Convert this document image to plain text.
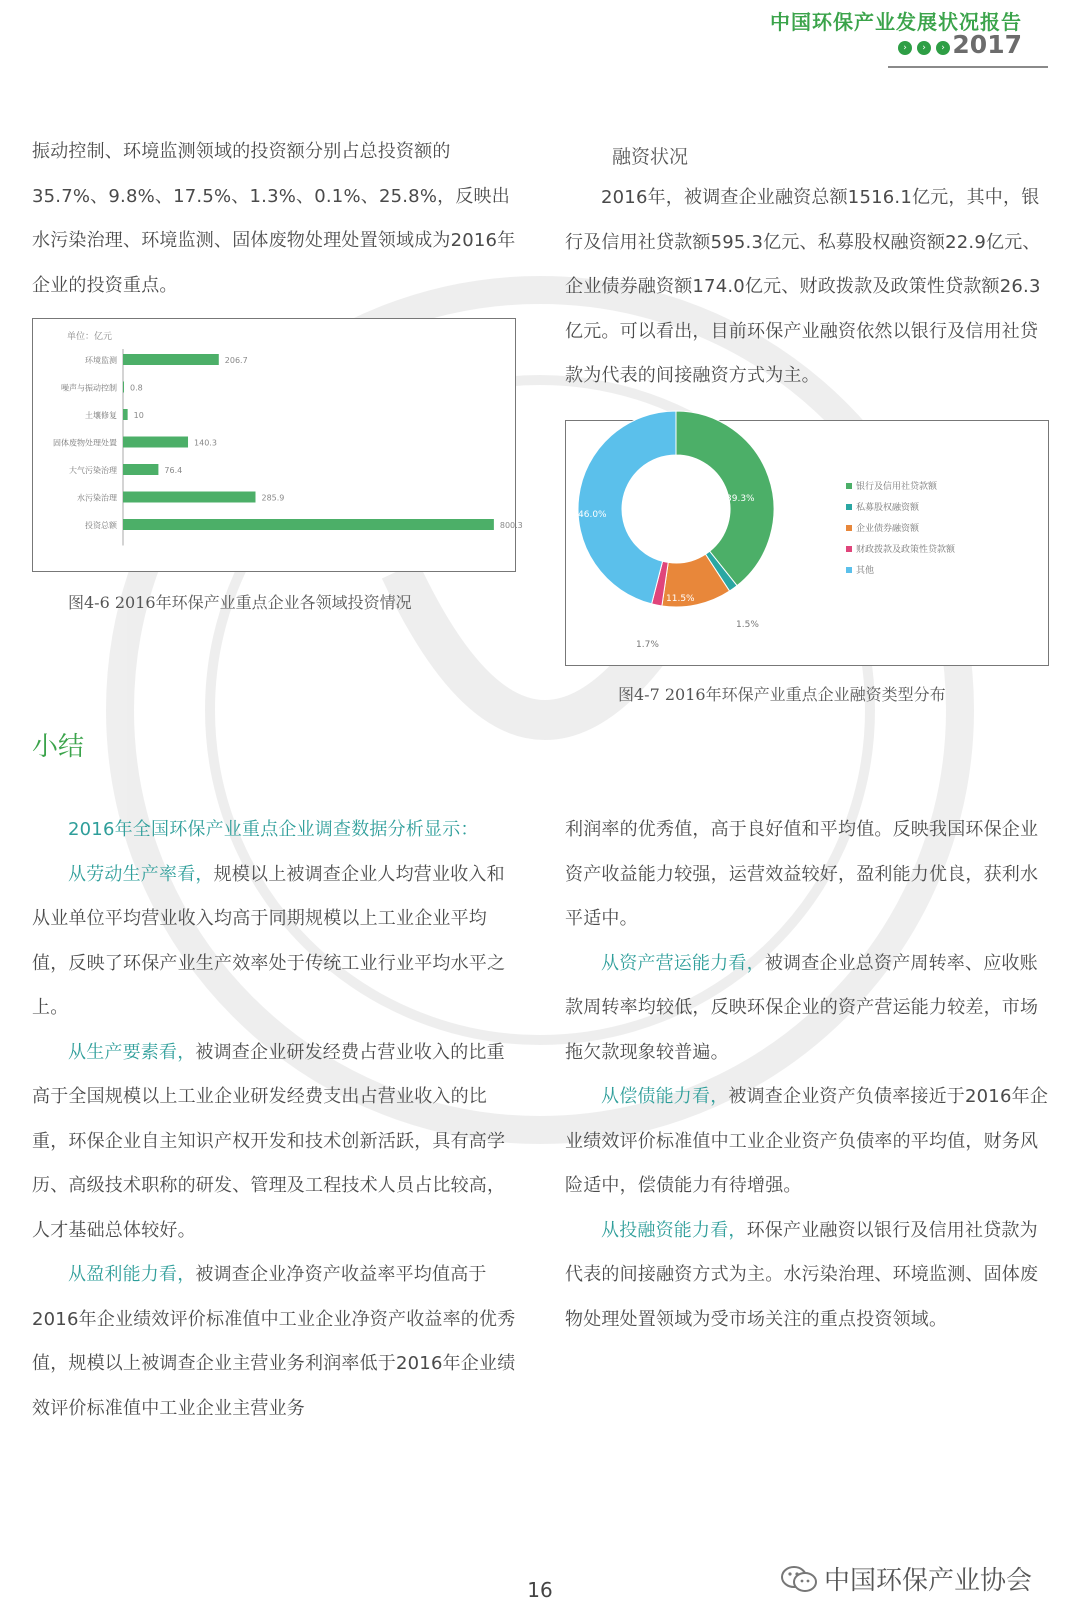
中国环保产业发展状况报告
›	›	› 2017

振动控制、环境监测领域的投资额分别占总投资额的35.7%、9.8%、17.5%、1.3%、0.1%、25.8%，反映出水污染治理、环境监测、固体废物处理处置领域成为2016年企业的投资重点。

单位：亿元
环境监测	206.7
噪声与振动控制 0.8
土壤修复 10
固体废物处理处置	140.3
大气污染治理	76.4
水污染治理	285.9
投资总额	800.3
图4-6 2016年环保产业重点企业各领域投资情况
融资状况

2016年，被调查企业融资总额1516.1亿元，其中，银行及信用社贷款额595.3亿元、私募股权融资额22.9亿元、企业债券融资额174.0亿元、财政拨款及政策性贷款额26.3亿元。可以看出，目前环保产业融资依然以银行及信用社贷款为代表的间接融资方式为主。

39.3%
1.5%
11.5%
1.7%
46.0%
银行及信用社贷款额
私募股权融资额
企业债券融资额
财政拨款及政策性贷款额
其他
图4-7 2016年环保产业重点企业融资类型分布
小结

2016年全国环保产业重点企业调查数据分析显示：

从劳动生产率看，规模以上被调查企业人均营业收入和从业单位平均营业收入均高于同期规模以上工业企业平均值，反映了环保产业生产效率处于传统工业行业平均水平之上。

从生产要素看，被调查企业研发经费占营业收入的比重高于全国规模以上工业企业研发经费支出占营业收入的比重，环保企业自主知识产权开发和技术创新活跃，具有高学历、高级技术职称的研发、管理及工程技术人员占比较高，人才基础总体较好。

从盈利能力看，被调查企业净资产收益率平均值高于2016年企业绩效评价标准值中工业企业净资产收益率的优秀值，规模以上被调查企业主营业务利润率低于2016年企业绩效评价标准值中工业企业主营业务

利润率的优秀值，高于良好值和平均值。反映我国环保企业资产收益能力较强，运营效益较好，盈利能力优良，获利水平适中。

从资产营运能力看，被调查企业总资产周转率、应收账款周转率均较低，反映环保企业的资产营运能力较差，市场拖欠款现象较普遍。

从偿债能力看，被调查企业资产负债率接近于2016年企业绩效评价标准值中工业企业资产负债率的平均值，财务风险适中，偿债能力有待增强。

从投融资能力看，环保产业融资以银行及信用社贷款为代表的间接融资方式为主。水污染治理、环境监测、固体废物处理处置领域为受市场关注的重点投资领域。

16	中国环保产业协会
